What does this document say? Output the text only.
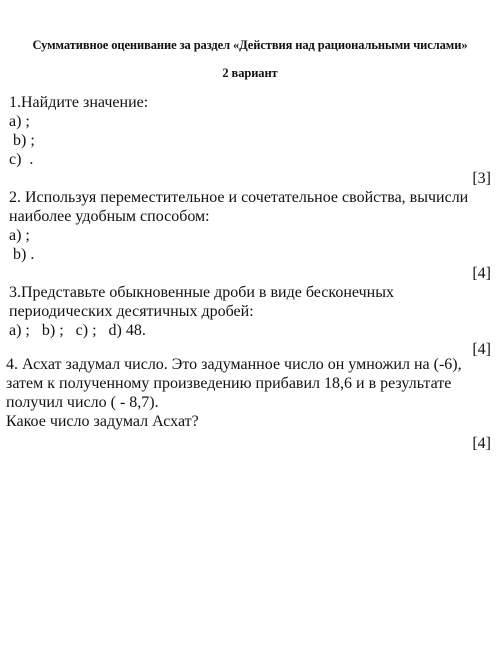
Суммативное оценивание за раздел «Действия над рациональными числами»
2 вариант
1.Найдите значение:
a) ;
b) ;
c)  .
[3]
2. Используя переместительное и сочетательное свойства, вычисли
наиболее удобным способом:
a) ;
b) .
[4]
3.Представьте обыкновенные дроби в виде бесконечных
периодических десятичных дробей:
a) ;   b) ;   c) ;   d) 48.
[4]
4. Асхат задумал число. Это задуманное число он умножил на (-6),
затем к полученному произведению прибавил 18,6 и в результате
получил число ( - 8,7).
Какое число задумал Асхат?
[4]
